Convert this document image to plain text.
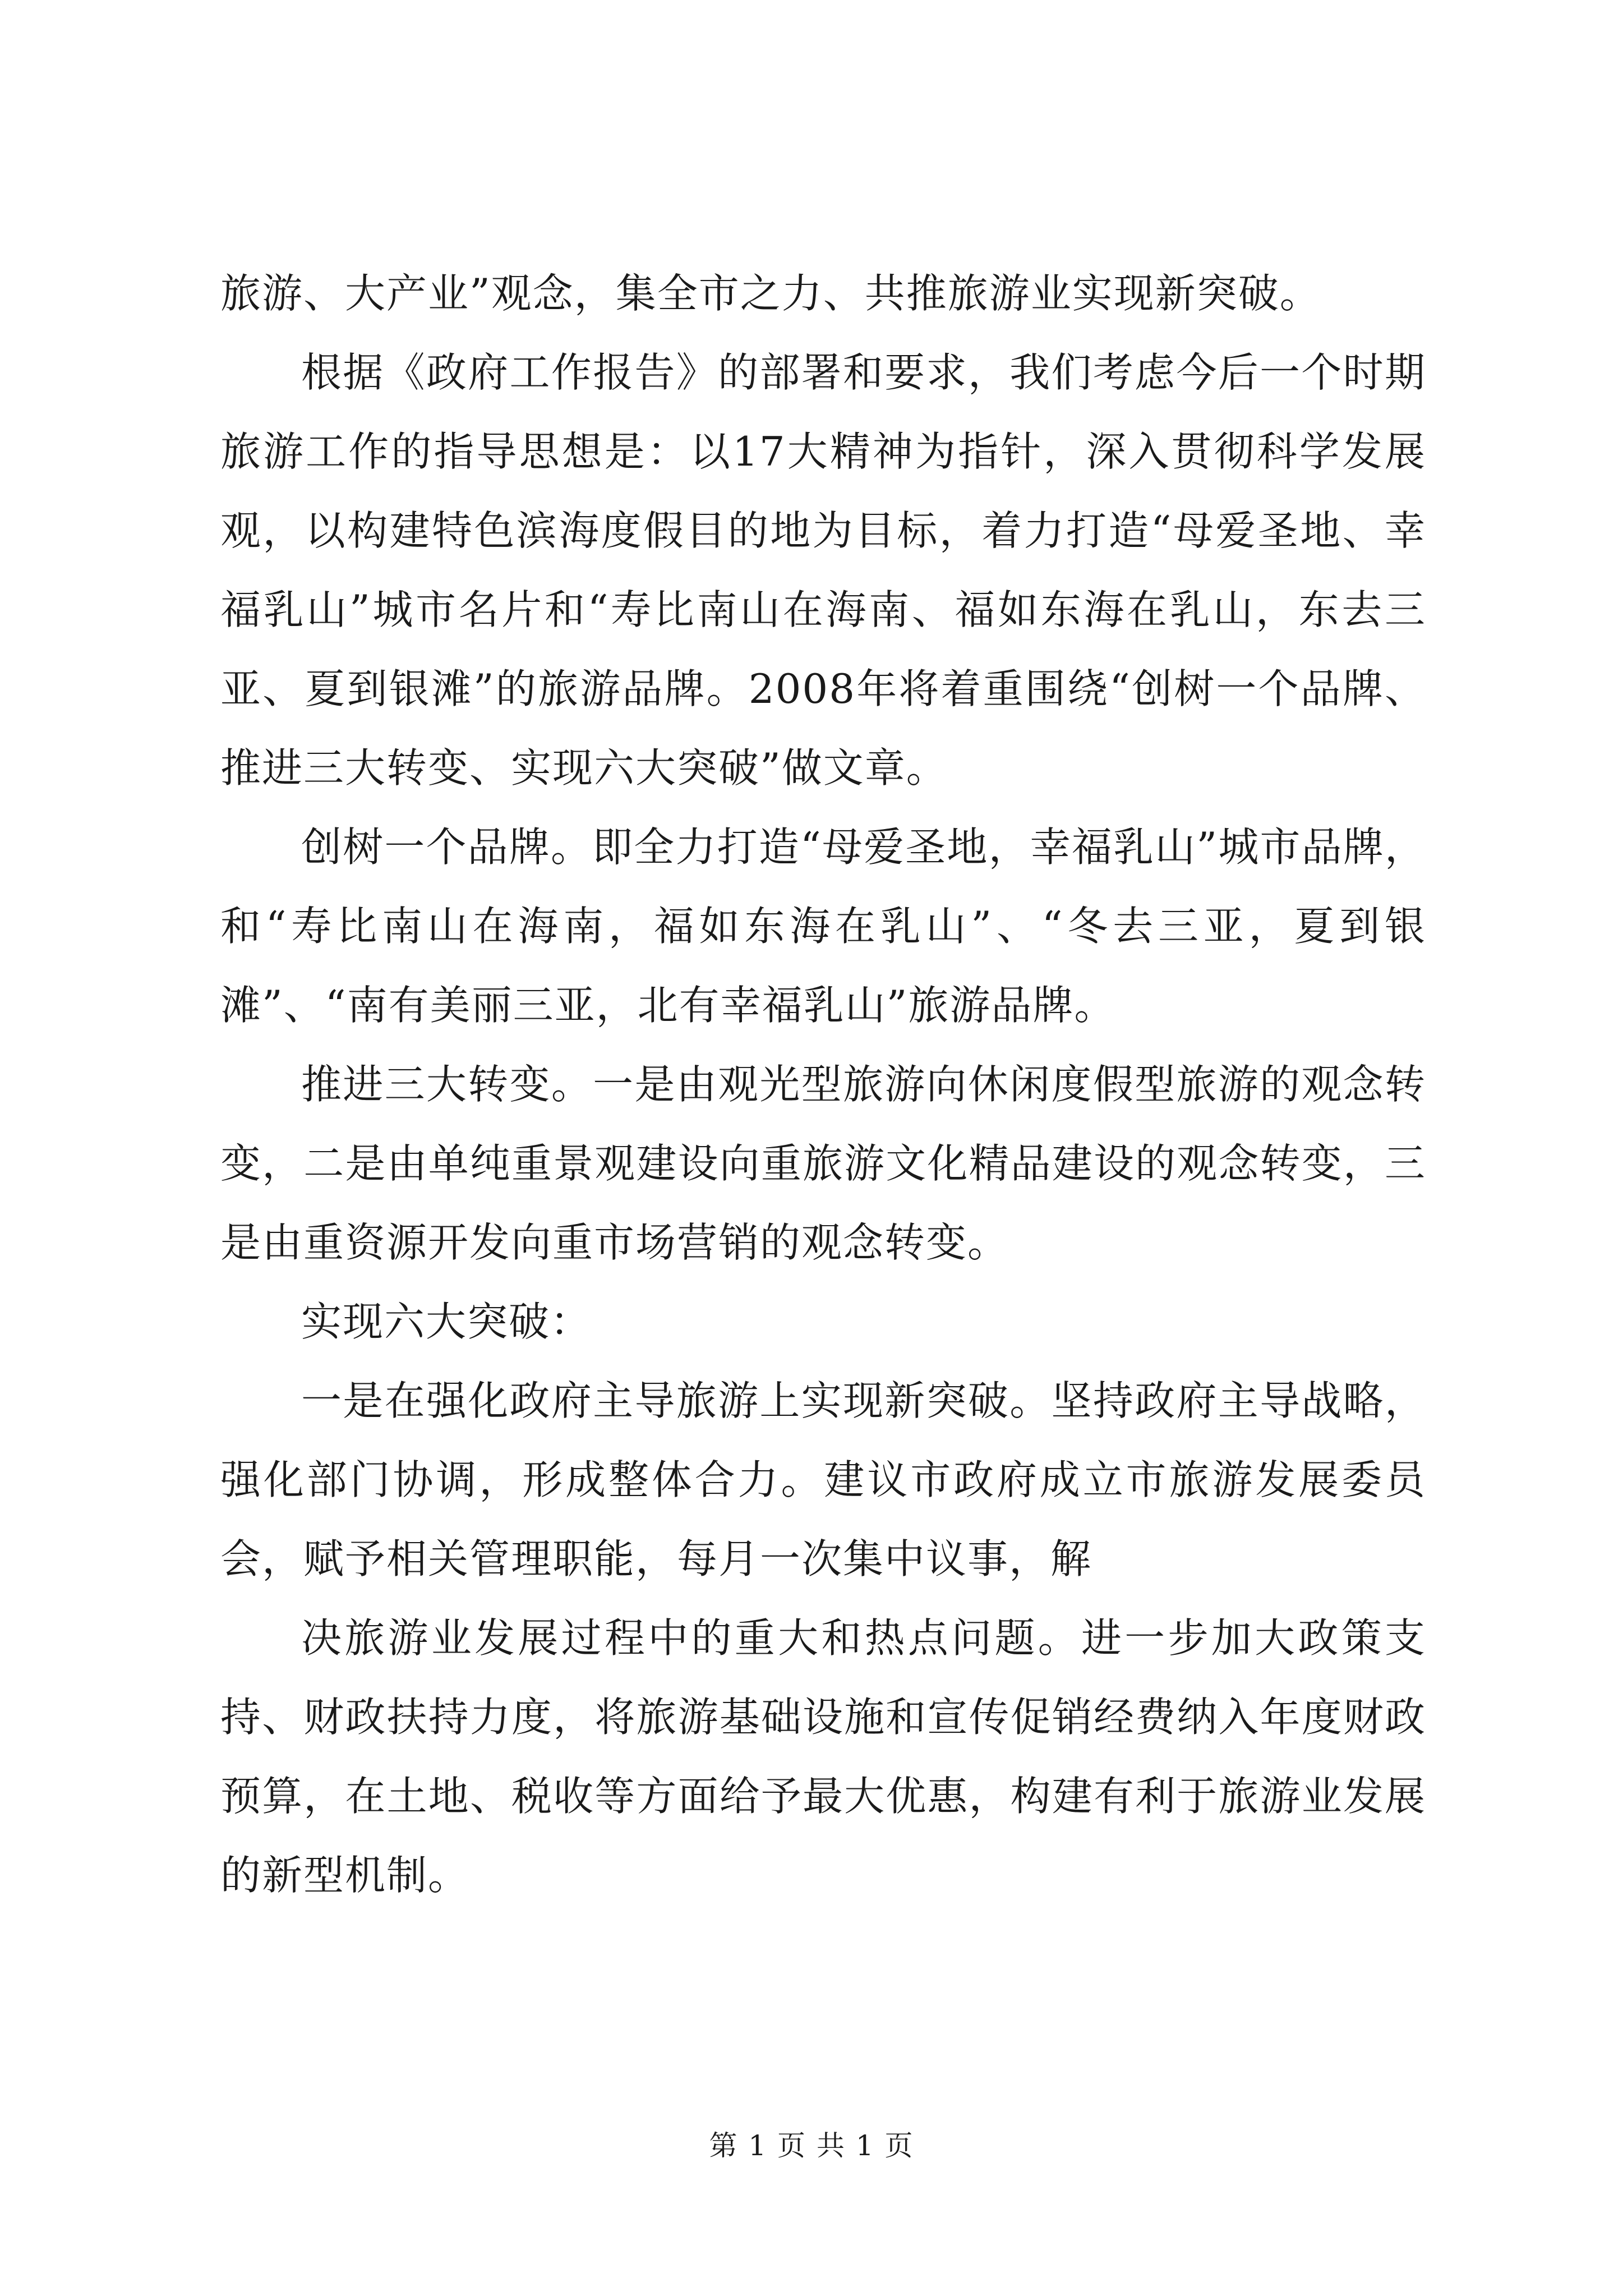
旅游、大产业”观念，集全市之力、共推旅游业实现新突破。

根据《政府工作报告》的部署和要求，我们考虑今后一个时期旅游工作的指导思想是：以17大精神为指针，深入贯彻科学发展观，以构建特色滨海度假目的地为目标，着力打造“母爱圣地、幸福乳山”城市名片和“寿比南山在海南、福如东海在乳山，东去三亚、夏到银滩”的旅游品牌。2008年将着重围绕“创树一个品牌、推进三大转变、实现六大突破”做文章。

创树一个品牌。即全力打造“母爱圣地，幸福乳山”城市品牌，和“寿比南山在海南，福如东海在乳山”、“冬去三亚，夏到银滩”、“南有美丽三亚，北有幸福乳山”旅游品牌。

推进三大转变。一是由观光型旅游向休闲度假型旅游的观念转变，二是由单纯重景观建设向重旅游文化精品建设的观念转变，三是由重资源开发向重市场营销的观念转变。

实现六大突破：

一是在强化政府主导旅游上实现新突破。坚持政府主导战略，强化部门协调，形成整体合力。建议市政府成立市旅游发展委员会，赋予相关管理职能，每月一次集中议事，解

决旅游业发展过程中的重大和热点问题。进一步加大政策支持、财政扶持力度，将旅游基础设施和宣传促销经费纳入年度财政预算，在土地、税收等方面给予最大优惠，构建有利于旅游业发展的新型机制。

第 1 页 共 1 页
